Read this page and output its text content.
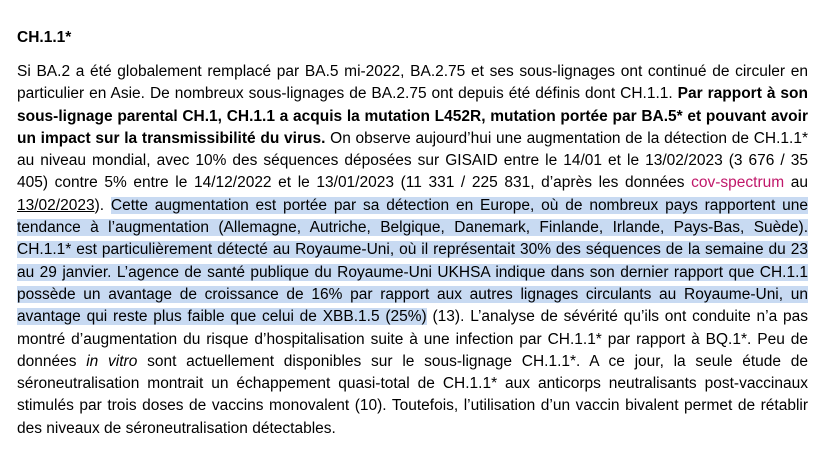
CH.1.1*

Si BA.2 a été globalement remplacé par BA.5 mi-2022, BA.2.75 et ses sous-lignages ont continué de circuler en particulier en Asie. De nombreux sous-lignages de BA.2.75 ont depuis été définis dont CH.1.1. Par rapport à son sous-lignage parental CH.1, CH.1.1 a acquis la mutation L452R, mutation portée par BA.5* et pouvant avoir un impact sur la transmissibilité du virus. On observe aujourd’hui une augmentation de la détection de CH.1.1* au niveau mondial, avec 10% des séquences déposées sur GISAID entre le 14/01 et le 13/02/2023 (3 676 / 35 405) contre 5% entre le 14/12/2022 et le 13/01/2023 (11 331 / 225 831, d’après les données cov-spectrum au 13/02/2023). Cette augmentation est portée par sa détection en Europe, où de nombreux pays rapportent une tendance à l’augmentation (Allemagne, Autriche, Belgique, Danemark, Finlande, Irlande, Pays-Bas, Suède). CH.1.1* est particulièrement détecté au Royaume-Uni, où il représentait 30% des séquences de la semaine du 23 au 29 janvier. L’agence de santé publique du Royaume-Uni UKHSA indique dans son dernier rapport que CH.1.1 possède un avantage de croissance de 16% par rapport aux autres lignages circulants au Royaume-Uni, un avantage qui reste plus faible que celui de XBB.1.5 (25%) (13). L’analyse de sévérité qu’ils ont conduite n’a pas montré d’augmentation du risque d’hospitalisation suite à une infection par CH.1.1* par rapport à BQ.1*. Peu de données in vitro sont actuellement disponibles sur le sous-lignage CH.1.1*. A ce jour, la seule étude de séroneutralisation montrait un échappement quasi-total de CH.1.1* aux anticorps neutralisants post-vaccinaux stimulés par trois doses de vaccins monovalent (10). Toutefois, l’utilisation d’un vaccin bivalent permet de rétablir des niveaux de séroneutralisation détectables.
